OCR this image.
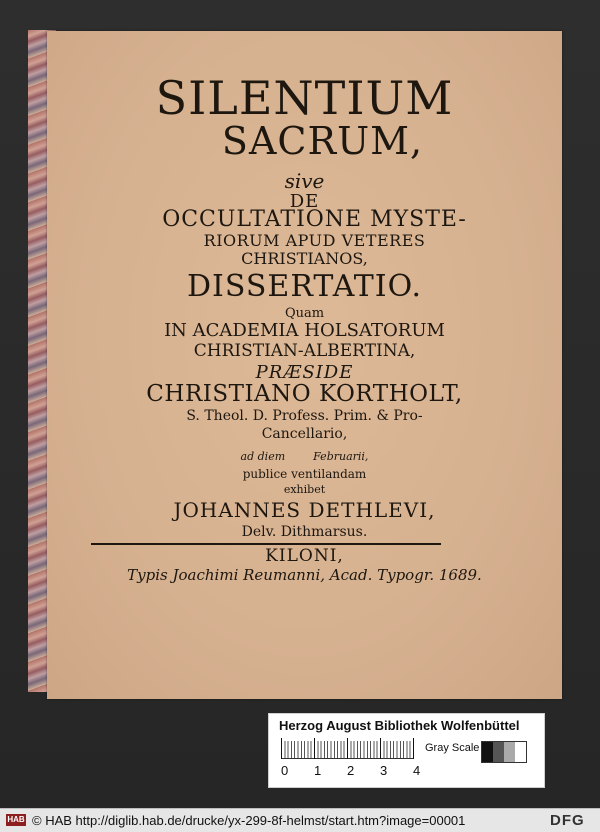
SILENTIUM

SACRUM,

sive

DE

OCCULTATIONE MYSTE-

RIORUM APUD VETERES

CHRISTIANOS,

DISSERTATIO.

Quam

IN ACADEMIA HOLSATORUM

CHRISTIAN-ALBERTINA,

PRÆSIDE

CHRISTIANO KORTHOLT,

S. Theol. D. Profess. Prim. & Pro-

Cancellario,

ad diem	Februarii,

publice ventilandam

exhibet

JOHANNES DETHLEVI,

Delv. Dithmarsus.

KILONI,

Typis Joachimi Reumanni, Acad. Typogr. 1689.

Herzog August Bibliothek Wolfenbüttel
0 1 2 3 4
Gray Scale
HAB © HAB http://diglib.hab.de/drucke/yx-299-8f-helmst/start.htm?image=00001	DFG
